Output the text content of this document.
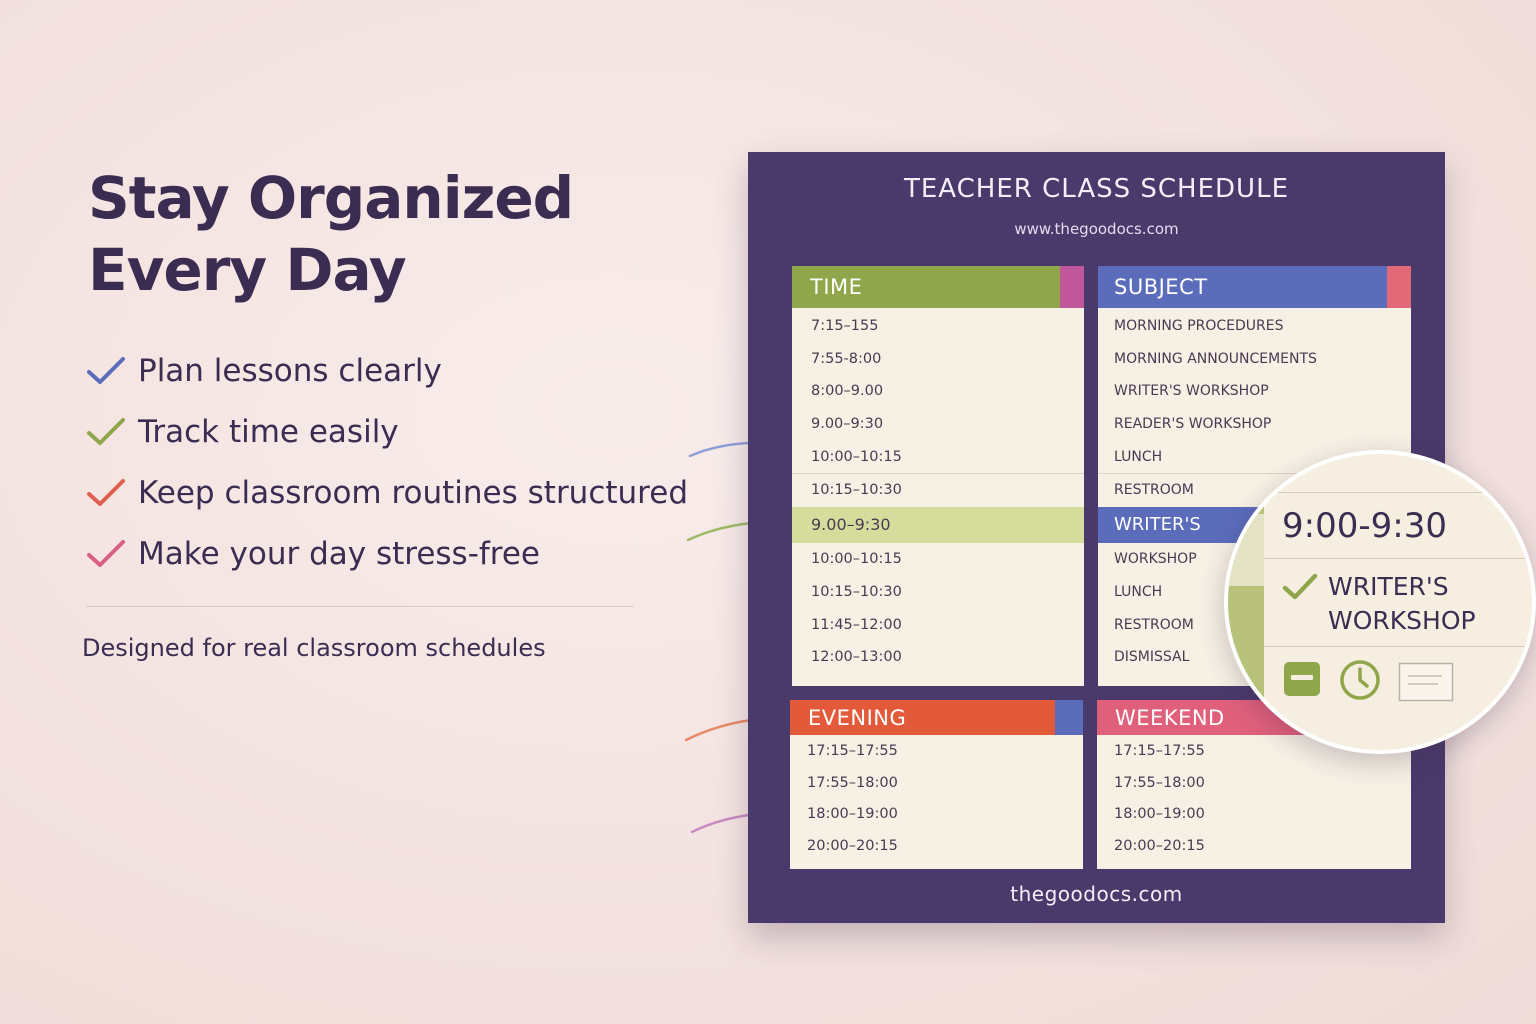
Stay Organized
Every Day
Plan lessons clearly
Track time easily
Keep classroom routines structured
Make your day stress-free
Designed for real classroom schedules
TEACHER CLASS SCHEDULE
www.thegoodocs.com
thegoodocs.com
TIME
7:15–155
7:55-8:00
8:00–9.00
9.00–9:30
10:00–10:15
10:15–10:30
9.00–9:30
10:00–10:15
10:15–10:30
11:45–12:00
12:00–13:00
SUBJECT
MORNING PROCEDURES
MORNING ANNOUNCEMENTS
WRITER'S WORKSHOP
READER'S WORKSHOP
LUNCH
RESTROOM
WRITER'S
WORKSHOP
LUNCH
RESTROOM
DISMISSAL
EVENING
17:15–17:55
17:55–18:00
18:00–19:00
20:00–20:15
WEEKEND
17:15–17:55
17:55–18:00
18:00–19:00
20:00–20:15
9:00-9:30
WRITER'S
WORKSHOP
